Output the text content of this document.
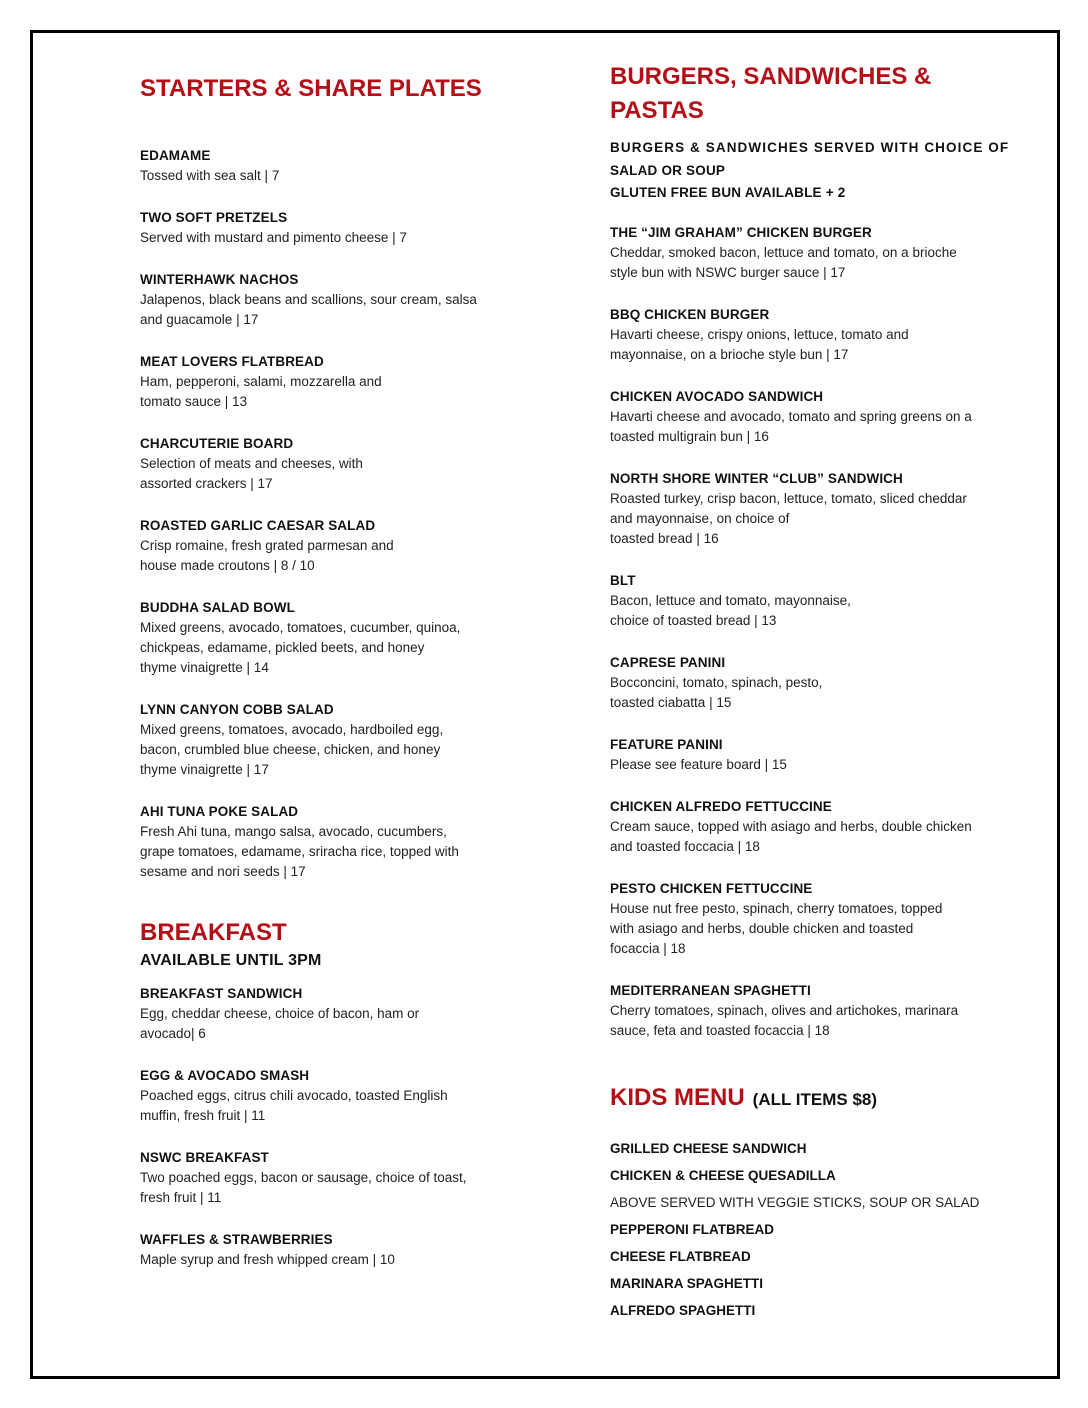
STARTERS & SHARE PLATES
EDAMAME
Tossed with sea salt | 7
TWO SOFT PRETZELS
Served with mustard and pimento cheese | 7
WINTERHAWK NACHOS
Jalapenos, black beans and scallions, sour cream, salsa
and guacamole | 17
MEAT LOVERS FLATBREAD
Ham, pepperoni, salami, mozzarella and
tomato sauce | 13
CHARCUTERIE BOARD
Selection of meats and cheeses, with
assorted crackers | 17
ROASTED GARLIC CAESAR SALAD
Crisp romaine, fresh grated parmesan and
house made croutons | 8 / 10
BUDDHA SALAD BOWL
Mixed greens, avocado, tomatoes, cucumber, quinoa,
chickpeas, edamame, pickled beets, and honey
thyme vinaigrette | 14
LYNN CANYON COBB SALAD
Mixed greens, tomatoes, avocado, hardboiled egg,
bacon, crumbled blue cheese, chicken, and honey
thyme vinaigrette | 17
AHI TUNA POKE SALAD
Fresh Ahi tuna, mango salsa, avocado, cucumbers,
grape tomatoes, edamame, sriracha rice, topped with
sesame and nori seeds | 17
BREAKFAST
AVAILABLE UNTIL 3PM
BREAKFAST SANDWICH
Egg, cheddar cheese, choice of bacon, ham or
avocado| 6
EGG & AVOCADO SMASH
Poached eggs, citrus chili avocado, toasted English
muffin, fresh fruit | 11
NSWC BREAKFAST
Two poached eggs, bacon or sausage, choice of toast,
fresh fruit | 11
WAFFLES & STRAWBERRIES
Maple syrup and fresh whipped cream | 10
BURGERS, SANDWICHES &
PASTAS
BURGERS & SANDWICHES SERVED WITH CHOICE OF
SALAD OR SOUP
GLUTEN FREE BUN AVAILABLE + 2
THE “JIM GRAHAM” CHICKEN BURGER
Cheddar, smoked bacon, lettuce and tomato, on a brioche
style bun with NSWC burger sauce | 17
BBQ CHICKEN BURGER
Havarti cheese, crispy onions, lettuce, tomato and
mayonnaise, on a brioche style bun | 17
CHICKEN AVOCADO SANDWICH
Havarti cheese and avocado, tomato and spring greens on a
toasted multigrain bun | 16
NORTH SHORE WINTER “CLUB” SANDWICH
Roasted turkey, crisp bacon, lettuce, tomato, sliced cheddar
and mayonnaise, on choice of
toasted bread | 16
BLT
Bacon, lettuce and tomato, mayonnaise,
choice of toasted bread | 13
CAPRESE PANINI
Bocconcini, tomato, spinach, pesto,
toasted ciabatta | 15
FEATURE PANINI
Please see feature board | 15
CHICKEN ALFREDO FETTUCCINE
Cream sauce, topped with asiago and herbs, double chicken
and toasted foccacia | 18
PESTO CHICKEN FETTUCCINE
House nut free pesto, spinach, cherry tomatoes, topped
with asiago and herbs, double chicken and toasted
focaccia | 18
MEDITERRANEAN SPAGHETTI
Cherry tomatoes, spinach, olives and artichokes, marinara
sauce, feta and toasted focaccia | 18
KIDS MENU (ALL ITEMS $8)
GRILLED CHEESE SANDWICH
CHICKEN & CHEESE QUESADILLA
ABOVE SERVED WITH VEGGIE STICKS, SOUP OR SALAD
PEPPERONI FLATBREAD
CHEESE FLATBREAD
MARINARA SPAGHETTI
ALFREDO SPAGHETTI
